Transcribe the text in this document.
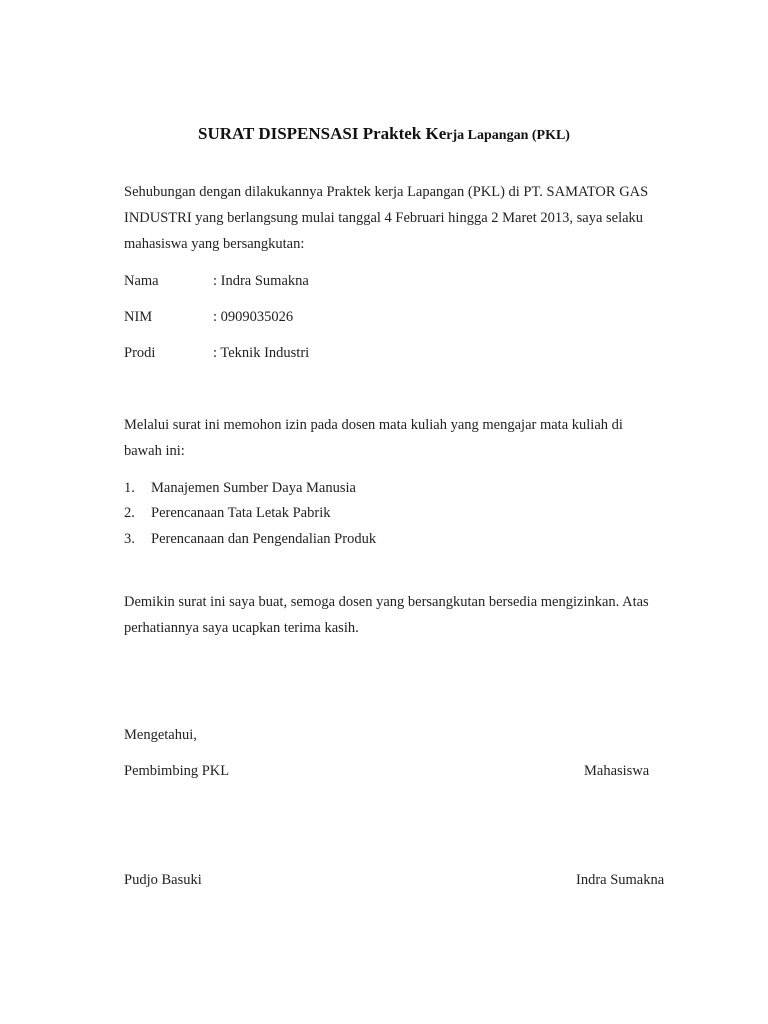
SURAT DISPENSASI Praktek Kerja Lapangan (PKL)
Sehubungan dengan dilakukannya Praktek kerja Lapangan (PKL) di PT. SAMATOR GAS
INDUSTRI yang berlangsung mulai tanggal 4 Februari hingga 2 Maret 2013, saya selaku
mahasiswa yang bersangkutan:
Nama	: Indra Sumakna
NIM	: 0909035026
Prodi	: Teknik Industri
Melalui surat ini memohon izin pada dosen mata kuliah yang mengajar mata kuliah di
bawah ini:
1. Manajemen Sumber Daya Manusia
2. Perencanaan Tata Letak Pabrik
3. Perencanaan dan Pengendalian Produk
Demikin surat ini saya buat, semoga dosen yang bersangkutan bersedia mengizinkan. Atas
perhatiannya saya ucapkan terima kasih.
Mengetahui,
Pembimbing PKL	Mahasiswa
Pudjo Basuki	Indra Sumakna
